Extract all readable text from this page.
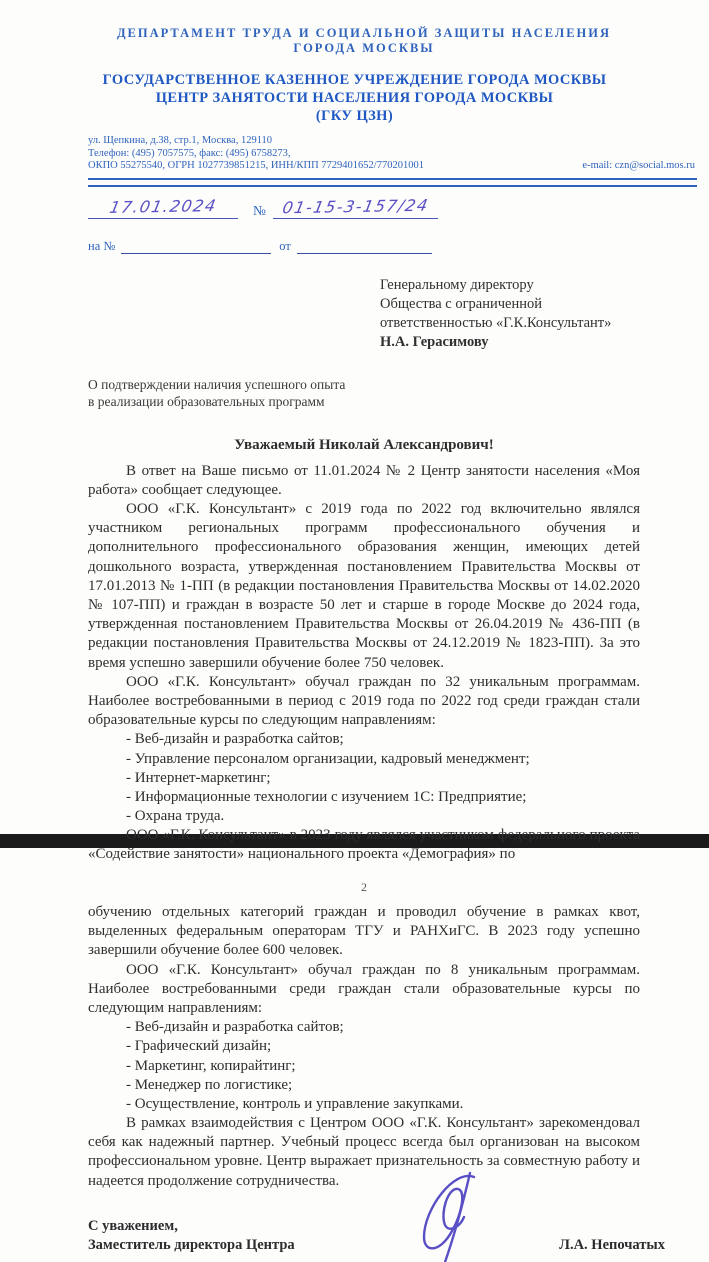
ДЕПАРТАМЕНТ ТРУДА И СОЦИАЛЬНОЙ ЗАЩИТЫ НАСЕЛЕНИЯ
ГОРОДА МОСКВЫ
ГОСУДАРСТВЕННОЕ КАЗЕННОЕ УЧРЕЖДЕНИЕ ГОРОДА МОСКВЫ
ЦЕНТР ЗАНЯТОСТИ НАСЕЛЕНИЯ ГОРОДА МОСКВЫ
(ГКУ ЦЗН)
ул. Щепкина, д.38, стр.1, Москва, 129110
Телефон: (495) 7057575, факс: (495) 6758273,
ОКПО 55275540, ОГРН 1027739851215, ИНН/КПП 7729401652/770201001	e-mail: czn@social.mos.ru
17.01.2024	№ 01-15-3-157/24
на №	от
Генеральному директору
Общества с ограниченной
ответственностью «Г.К.Консультант»
Н.А. Герасимову
О подтверждении наличия успешного опыта
в реализации образовательных программ
Уважаемый Николай Александрович!
В ответ на Ваше письмо от 11.01.2024 № 2 Центр занятости населения «Моя работа» сообщает следующее.
ООО «Г.К. Консультант» с 2019 года по 2022 год включительно являлся участником региональных программ профессионального обучения и дополнительного профессионального образования женщин, имеющих детей дошкольного возраста, утвержденная постановлением Правительства Москвы от 17.01.2013 № 1-ПП (в редакции постановления Правительства Москвы от 14.02.2020 № 107-ПП) и граждан в возрасте 50 лет и старше в городе Москве до 2024 года, утвержденная постановлением Правительства Москвы от 26.04.2019 № 436-ПП (в редакции постановления Правительства Москвы от 24.12.2019 № 1823-ПП). За это время успешно завершили обучение более 750 человек.
ООО «Г.К. Консультант» обучал граждан по 32 уникальным программам. Наиболее востребованными в период с 2019 года по 2022 год среди граждан стали образовательные курсы по следующим направлениям:
- Веб-дизайн и разработка сайтов;
- Управление персоналом организации, кадровый менеджмент;
- Интернет-маркетинг;
- Информационные технологии с изучением 1С: Предприятие;
- Охрана труда.
ООО «Г.К. Консультант» в 2023 году являлся участником федерального проекта «Содействие занятости» национального проекта «Демография» по
2
обучению отдельных категорий граждан и проводил обучение в рамках квот, выделенных федеральным операторам ТГУ и РАНХиГС. В 2023 году успешно завершили обучение более 600 человек.
ООО «Г.К. Консультант» обучал граждан по 8 уникальным программам. Наиболее востребованными среди граждан стали образовательные курсы по следующим направлениям:
- Веб-дизайн и разработка сайтов;
- Графический дизайн;
- Маркетинг, копирайтинг;
- Менеджер по логистике;
- Осуществление, контроль и управление закупками.
В рамках взаимодействия с Центром ООО «Г.К. Консультант» зарекомендовал себя как надежный партнер. Учебный процесс всегда был организован на высоком профессиональном уровне. Центр выражает признательность за совместную работу и надеется продолжение сотрудничества.
С уважением,
Заместитель директора Центра	Л.А. Непочатых
